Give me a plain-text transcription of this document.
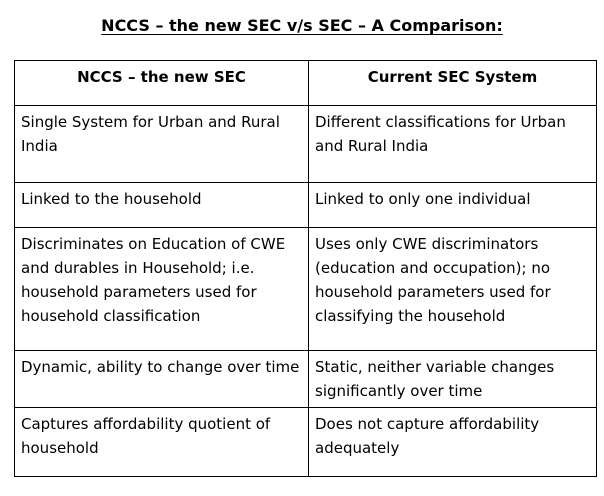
NCCS – the new SEC v/s SEC – A Comparison:
NCCS – the new SEC	Current SEC System
Single System for Urban and Rural India	Different classifications for Urban and Rural India
Linked to the household	Linked to only one individual
Discriminates on Education of CWE and durables in Household; i.e. household parameters used for household classification	Uses only CWE discriminators (education and occupation); no household parameters used for classifying the household
Dynamic, ability to change over time	Static, neither variable changes significantly over time
Captures affordability quotient of household	Does not capture affordability adequately
